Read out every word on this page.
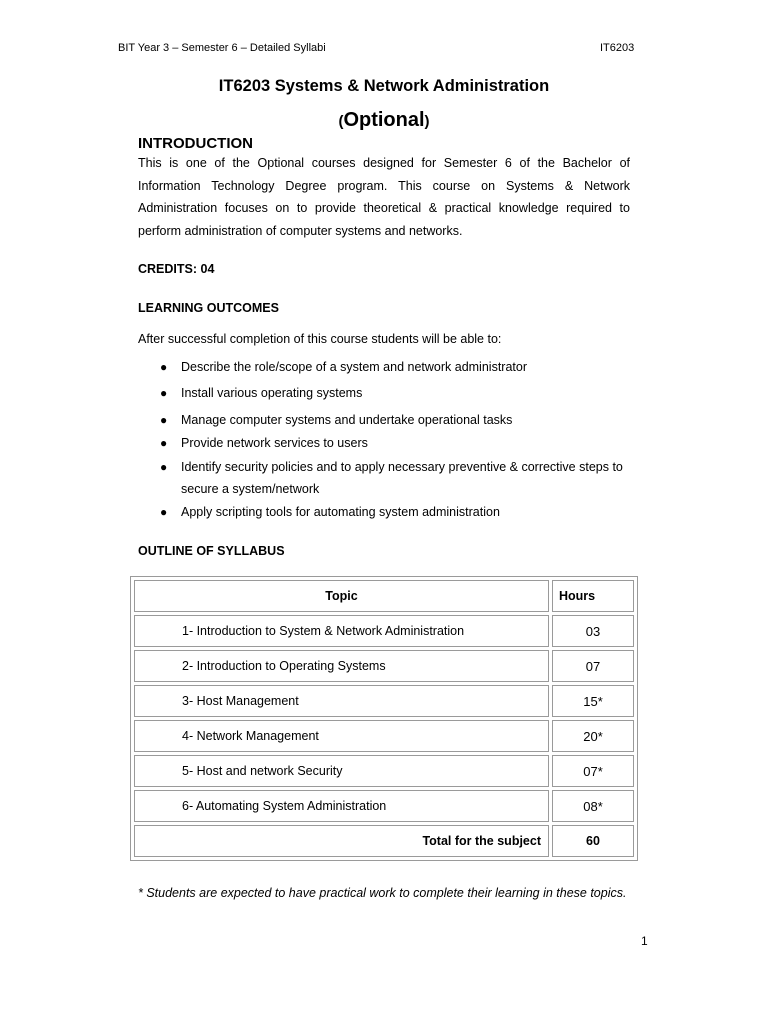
BIT Year 3 – Semester 6 – Detailed Syllabi	IT6203
IT6203 Systems & Network Administration
(Optional)
INTRODUCTION
This is one of the Optional courses designed for Semester 6 of the Bachelor of Information Technology Degree program. This course on Systems & Network Administration focuses on to provide theoretical & practical knowledge required to perform administration of computer systems and networks.
CREDITS: 04
LEARNING OUTCOMES
After successful completion of this course students will be able to:
● Describe the role/scope of a system and network administrator
● Install various operating systems
● Manage computer systems and undertake operational tasks
● Provide network services to users
● Identify security policies and to apply necessary preventive & corrective steps to secure a system/network
● Apply scripting tools for automating system administration
OUTLINE OF SYLLABUS
Topic	Hours
1- Introduction to System & Network Administration	03
2- Introduction to Operating Systems	07
3- Host Management	15*
4- Network Management	20*
5- Host and network Security	07*
6- Automating System Administration	08*
Total for the subject	60
* Students are expected to have practical work to complete their learning in these topics.
1
